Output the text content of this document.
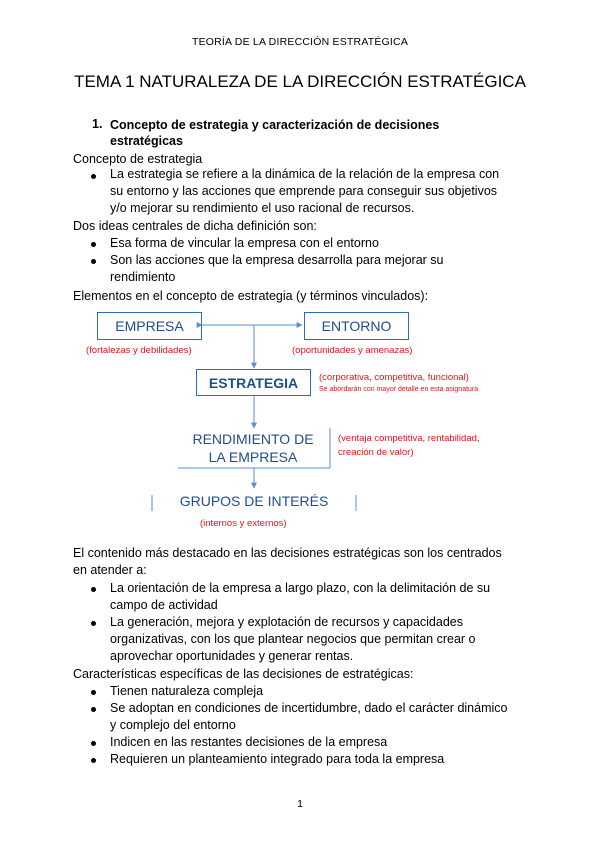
TEORÍA DE LA DIRECCIÓN ESTRATÉGICA
TEMA 1 NATURALEZA DE LA DIRECCIÓN ESTRATÉGICA
1. Concepto de estrategia y caracterización de decisiones
estratégicas
Concepto de estrategia
La estrategia se refiere a la dinámica de la relación de la empresa con
su entorno y las acciones que emprende para conseguir sus objetivos
y/o mejorar su rendimiento el uso racional de recursos.
Dos ideas centrales de dicha definición son:
Esa forma de vincular la empresa con el entorno
Son las acciones que la empresa desarrolla para mejorar su
rendimiento
Elementos en el concepto de estrategia (y términos vinculados):
EMPRESA
(fortalezas y debilidades)
ENTORNO
(oportunidades y amenazas)
ESTRATEGIA	(corporativa, competitiva, funcional)
Se abordarán con mayor detalle en esta asignatura
RENDIMIENTO DE
LA EMPRESA
(ventaja competitiva, rentabilidad,
creación de valor)
GRUPOS DE INTERÉS
(internos y externos)
El contenido más destacado en las decisiones estratégicas son los centrados
en atender a:
La orientación de la empresa a largo plazo, con la delimitación de su
campo de actividad
La generación, mejora y explotación de recursos y capacidades
organizativas, con los que plantear negocios que permitan crear o
aprovechar oportunidades y generar rentas.
Características específicas de las decisiones de estratégicas:
Tienen naturaleza compleja
Se adoptan en condiciones de incertidumbre, dado el carácter dinámico
y complejo del entorno
Indicen en las restantes decisiones de la empresa
Requieren un planteamiento integrado para toda la empresa
1
